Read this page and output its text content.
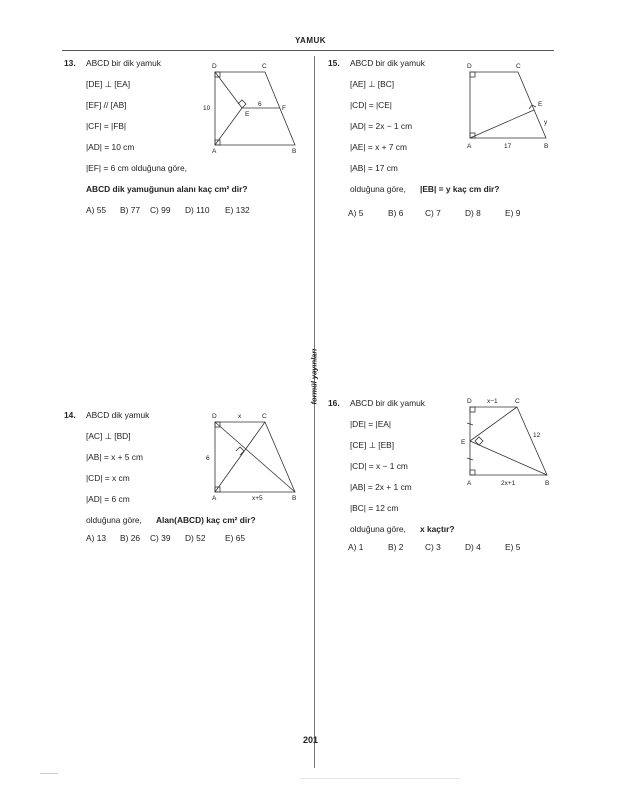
YAMUK
formül yayınları
201
13. ABCD bir dik yamuk
[DE] ⊥ [EA]
[EF] // [AB]
|CF| = |FB|
|AD| = 10 cm
|EF| = 6 cm olduğuna göre,
ABCD dik yamuğunun alanı kaç cm² dir?
A) 55 B) 77 C) 99 D) 110 E) 132
D	C
A	B
E
F
10
6
14. ABCD dik yamuk
[AC] ⊥ [BD]
|AB| = x + 5 cm
|CD| = x cm
|AD| = 6 cm
olduğuna göre, Alan(ABCD) kaç cm² dir?
A) 13 B) 26 C) 39 D) 52 E) 65
D	C
A	B
x
6
x+5
15. ABCD bir dik yamuk
[AE] ⊥ [BC]
|CD| = |CE|
|AD| = 2x − 1 cm
|AE| = x + 7 cm
|AB| = 17 cm
olduğuna göre, |EB| = y kaç cm dir?
A) 5	B) 6	C) 7	D) 8	E) 9
D	C
A	B
E
y
17
16. ABCD bir dik yamuk
|DE| = |EA|
[CE] ⊥ [EB]
|CD| = x − 1 cm
|AB| = 2x + 1 cm
|BC| = 12 cm
olduğuna göre, x kaçtır?
A) 1	B) 2	C) 3	D) 4	E) 5
D	C
A	B
E
x−1
12
2x+1
